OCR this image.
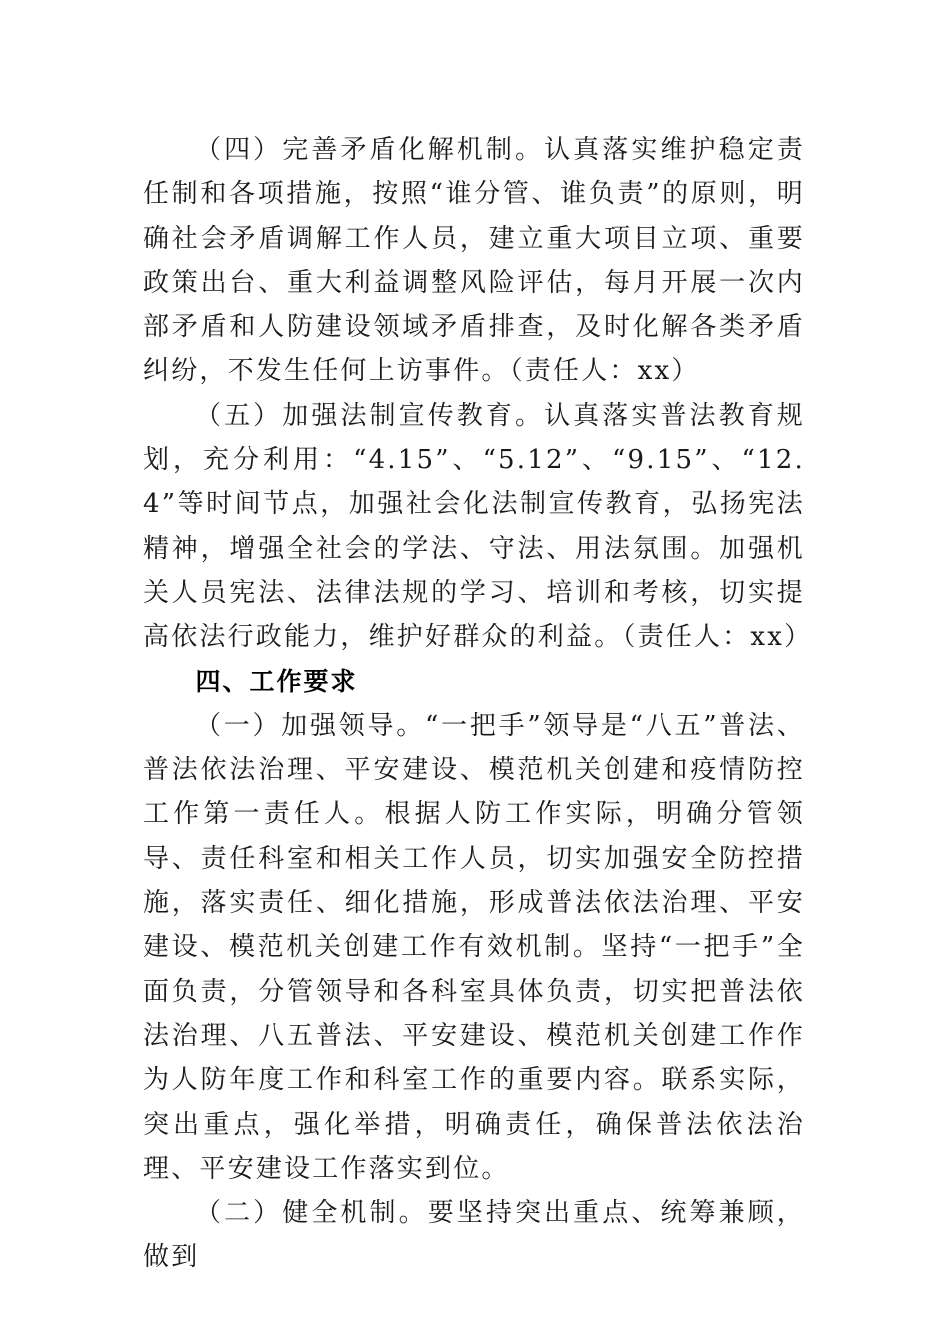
（四）完善矛盾化解机制。认真落实维护稳定责任制和各项措施，按照“谁分管、谁负责”的原则，明确社会矛盾调解工作人员，建立重大项目立项、重要政策出台、重大利益调整风险评估，每月开展一次内部矛盾和人防建设领域矛盾排查，及时化解各类矛盾纠纷，不发生任何上访事件。（责任人：xx）

（五）加强法制宣传教育。认真落实普法教育规划，充分利用：“4.15”、“5.12”、“9.15”、“12.4”等时间节点，加强社会化法制宣传教育，弘扬宪法精神，增强全社会的学法、守法、用法氛围。加强机关人员宪法、法律法规的学习、培训和考核，切实提高依法行政能力，维护好群众的利益。（责任人：xx）

四、工作要求

（一）加强领导。“一把手”领导是“八五”普法、普法依法治理、平安建设、模范机关创建和疫情防控工作第一责任人。根据人防工作实际，明确分管领导、责任科室和相关工作人员，切实加强安全防控措施，落实责任、细化措施，形成普法依法治理、平安建设、模范机关创建工作有效机制。坚持“一把手”全面负责，分管领导和各科室具体负责，切实把普法依法治理、八五普法、平安建设、模范机关创建工作作为人防年度工作和科室工作的重要内容。联系实际，突出重点，强化举措，明确责任，确保普法依法治理、平安建设工作落实到位。

（二）健全机制。要坚持突出重点、统筹兼顾，做到
